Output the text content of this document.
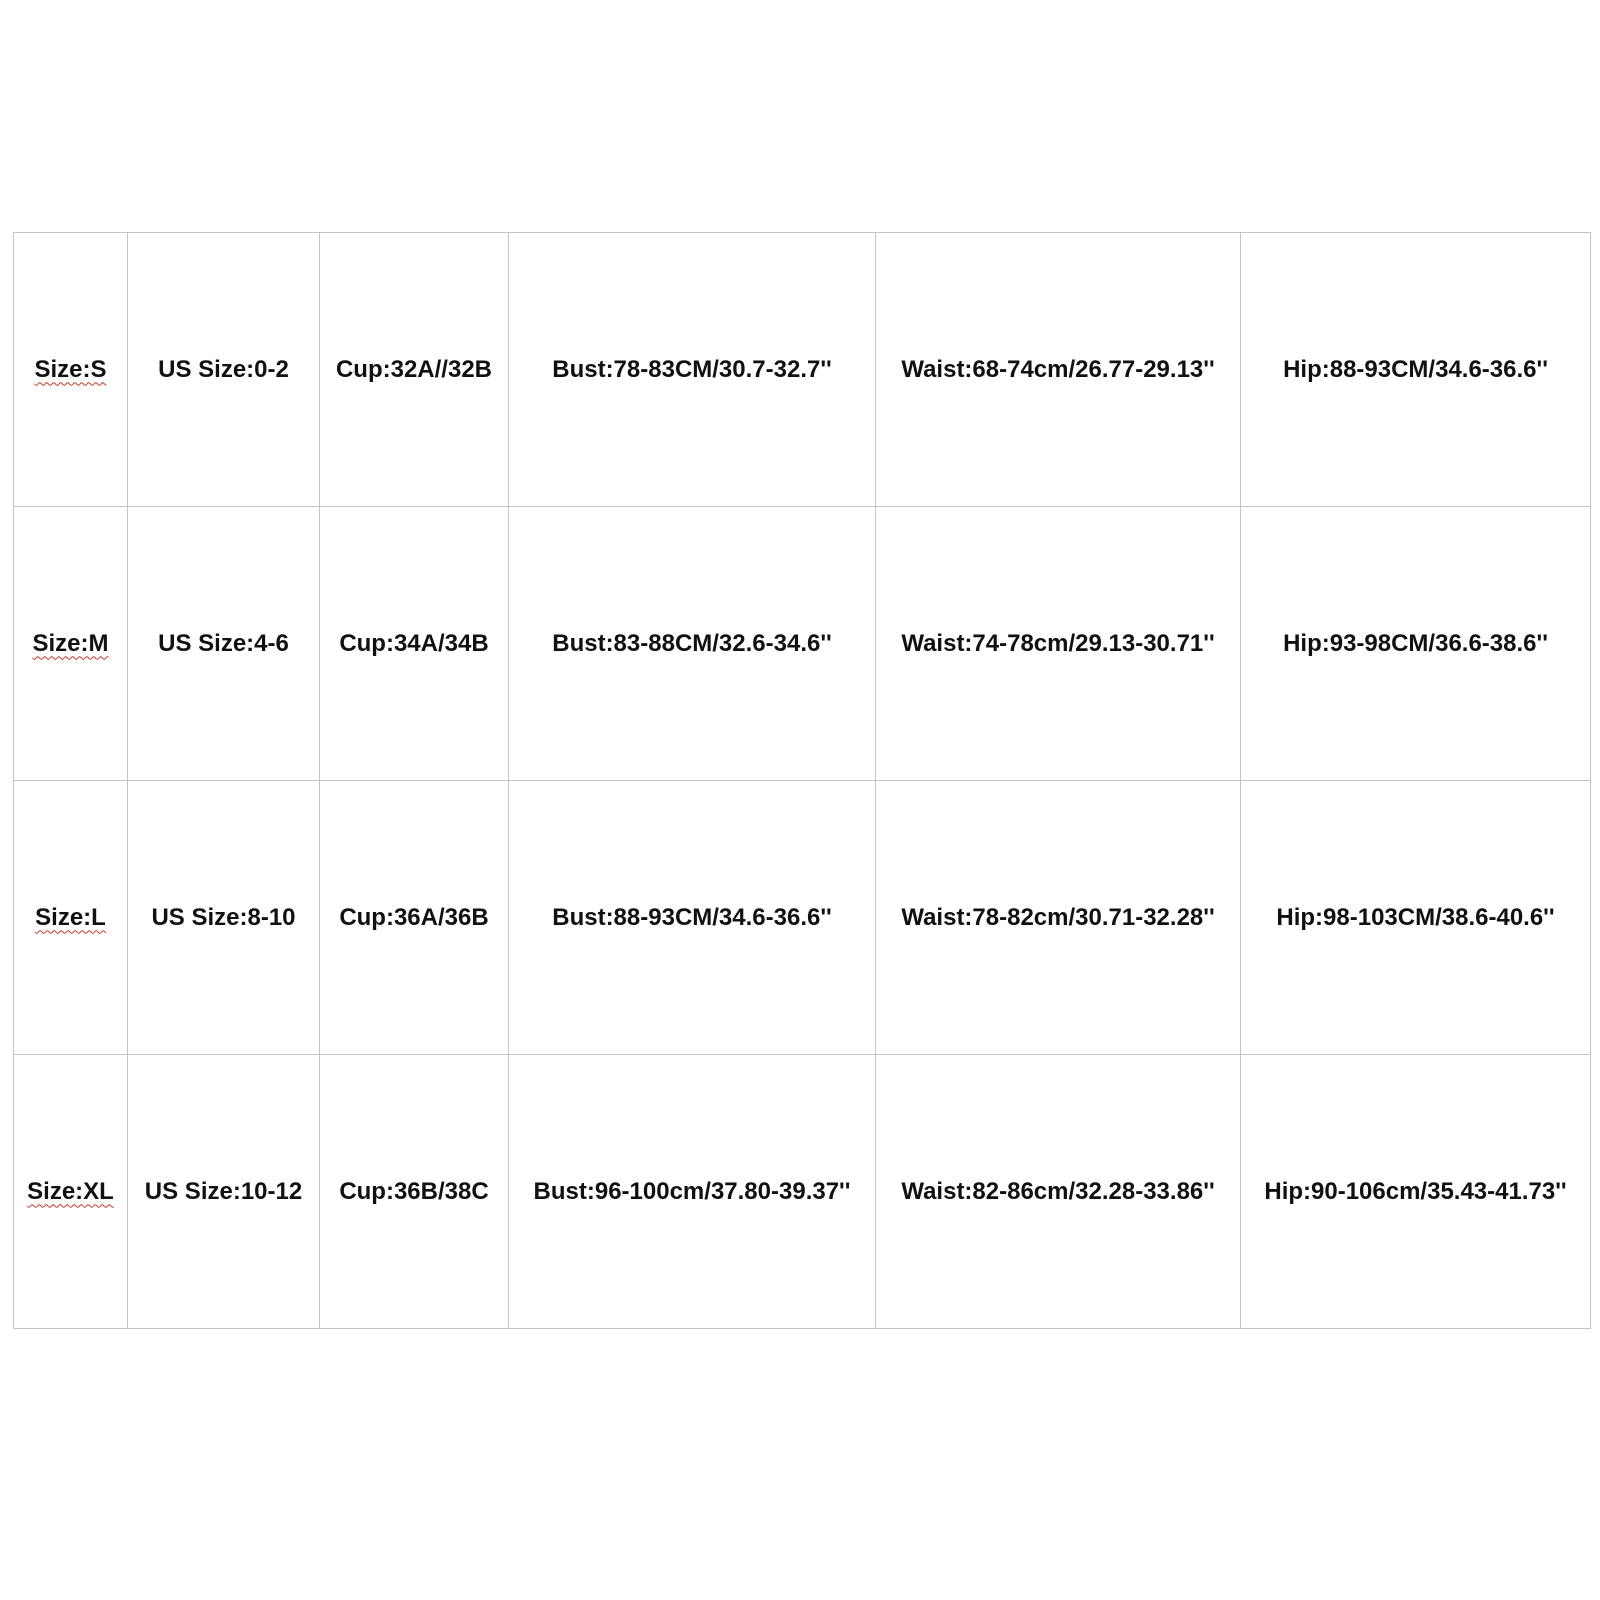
Size:S	US Size:0-2	Cup:32A//32B	Bust:78-83CM/30.7-32.7''	Waist:68-74cm/26.77-29.13''	Hip:88-93CM/34.6-36.6''
Size:M	US Size:4-6	Cup:34A/34B	Bust:83-88CM/32.6-34.6''	Waist:74-78cm/29.13-30.71''	Hip:93-98CM/36.6-38.6''
Size:L	US Size:8-10	Cup:36A/36B	Bust:88-93CM/34.6-36.6''	Waist:78-82cm/30.71-32.28''	Hip:98-103CM/38.6-40.6''
Size:XL	US Size:10-12	Cup:36B/38C	Bust:96-100cm/37.80-39.37''	Waist:82-86cm/32.28-33.86''	Hip:90-106cm/35.43-41.73''
